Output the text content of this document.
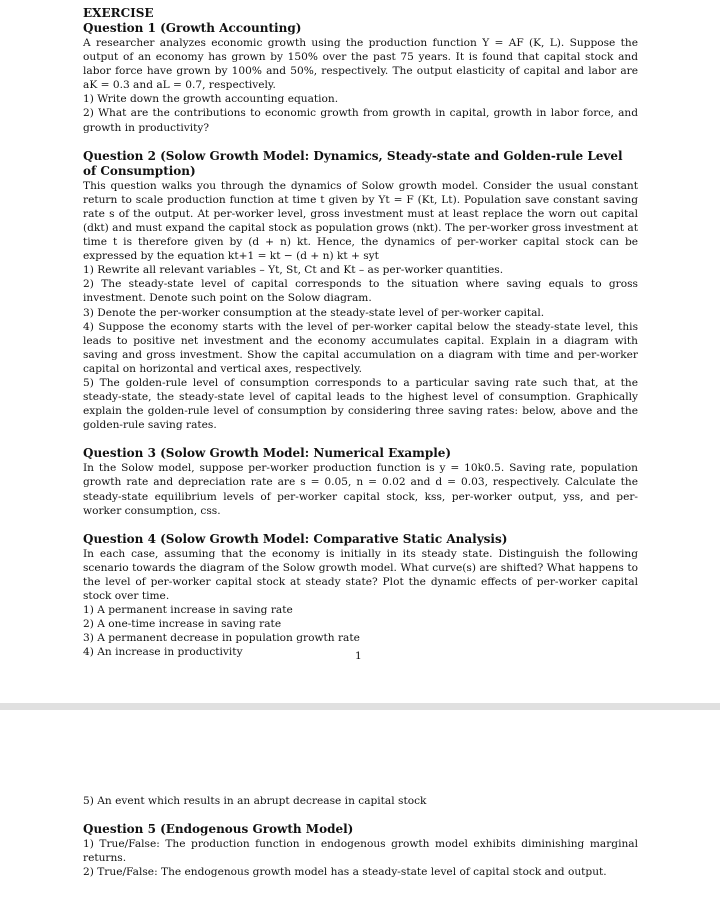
EXERCISE
Question 1 (Growth Accounting)
A researcher analyzes economic growth using the production function Y = AF (K, L). Suppose the output of an economy has grown by 150% over the past 75 years. It is found that capital stock and labor force have grown by 100% and 50%, respectively. The output elasticity of capital and labor are aK = 0.3 and aL = 0.7, respectively.
1) Write down the growth accounting equation.
2) What are the contributions to economic growth from growth in capital, growth in labor force, and growth in productivity?
Question 2 (Solow Growth Model: Dynamics, Steady-state and Golden-rule Level of Consumption)
This question walks you through the dynamics of Solow growth model. Consider the usual constant return to scale production function at time t given by Yt = F (Kt, Lt). Population save constant saving rate s of the output. At per-worker level, gross investment must at least replace the worn out capital (dkt) and must expand the capital stock as population grows (nkt). The per-worker gross investment at time t is therefore given by (d + n) kt. Hence, the dynamics of per-worker capital stock can be expressed by the equation kt+1 = kt − (d + n) kt + syt
1) Rewrite all relevant variables – Yt, St, Ct and Kt – as per-worker quantities.
2) The steady-state level of capital corresponds to the situation where saving equals to gross investment. Denote such point on the Solow diagram.
3) Denote the per-worker consumption at the steady-state level of per-worker capital.
4) Suppose the economy starts with the level of per-worker capital below the steady-state level, this leads to positive net investment and the economy accumulates capital. Explain in a diagram with saving and gross investment. Show the capital accumulation on a diagram with time and per-worker capital on horizontal and vertical axes, respectively.
5) The golden-rule level of consumption corresponds to a particular saving rate such that, at the steady-state, the steady-state level of capital leads to the highest level of consumption. Graphically explain the golden-rule level of consumption by considering three saving rates: below, above and the golden-rule saving rates.
Question 3 (Solow Growth Model: Numerical Example)
In the Solow model, suppose per-worker production function is y = 10k0.5. Saving rate, population growth rate and depreciation rate are s = 0.05, n = 0.02 and d = 0.03, respectively. Calculate the steady-state equilibrium levels of per-worker capital stock, kss, per-worker output, yss, and per-worker consumption, css.
Question 4 (Solow Growth Model: Comparative Static Analysis)
In each case, assuming that the economy is initially in its steady state. Distinguish the following scenario towards the diagram of the Solow growth model. What curve(s) are shifted? What happens to the level of per-worker capital stock at steady state? Plot the dynamic effects of per-worker capital stock over time.
1) A permanent increase in saving rate
2) A one-time increase in saving rate
3) A permanent decrease in population growth rate
4) An increase in productivity	1
5) An event which results in an abrupt decrease in capital stock
Question 5 (Endogenous Growth Model)
1) True/False: The production function in endogenous growth model exhibits diminishing marginal returns.
2) True/False: The endogenous growth model has a steady-state level of capital stock and output.
